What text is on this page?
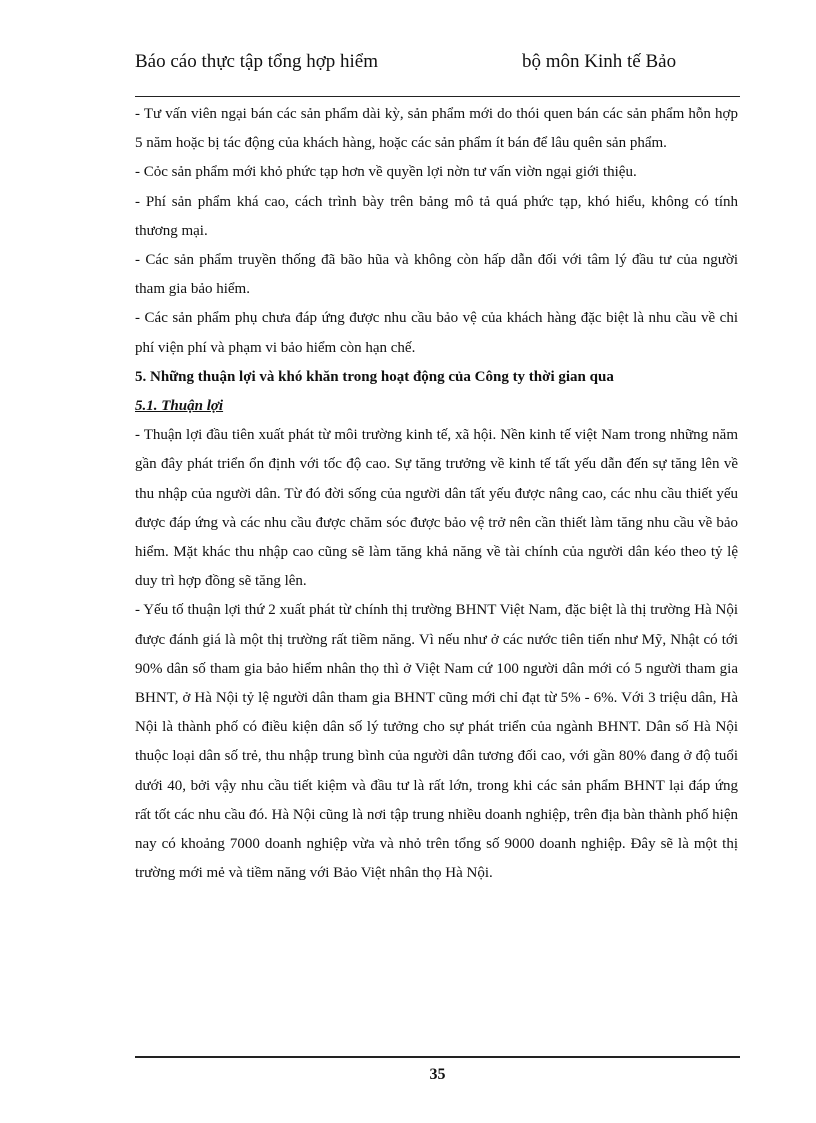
Báo cáo thực tập tổng hợp hiểm	bộ môn Kinh tế Bảo

- Tư vấn viên ngại bán các sản phẩm dài kỳ, sản phẩm mới do thói quen bán các sản phẩm hỗn hợp 5 năm hoặc bị tác động của khách hàng, hoặc các sản phẩm ít bán để lâu quên sản phẩm.

- Cỏc sản phẩm mới khỏ phức tạp hơn về quyền lợi nờn tư vấn viờn ngại giới thiệu.

- Phí sản phẩm khá cao, cách trình bày trên bảng mô tả quá phức tạp, khó hiểu, không có tính thương mại.

- Các sản phẩm truyền thống đã bão hũa và không còn hấp dẫn đối với tâm lý đầu tư của người tham gia bảo hiểm.

- Các sản phẩm phụ chưa đáp ứng được nhu cầu bảo vệ của khách hàng đặc biệt là nhu cầu về chi phí viện phí và phạm vi bảo hiểm còn hạn chế.

5. Những thuận lợi và khó khăn trong hoạt động của Công ty thời gian qua

5.1. Thuận lợi

- Thuận lợi đầu tiên xuất phát từ môi trường kinh tế, xã hội. Nền kinh tế việt Nam trong những năm gần đây phát triển ổn định với tốc độ cao. Sự tăng trưởng về kinh tế tất yếu dẫn đến sự tăng lên về thu nhập của người dân. Từ đó đời sống của người dân tất yếu được nâng cao, các nhu cầu thiết yếu được đáp ứng và các nhu cầu được chăm sóc được bảo vệ trở nên cần thiết làm tăng nhu cầu về bảo hiểm. Mặt khác thu nhập cao cũng sẽ làm tăng khả năng về tài chính của người dân kéo theo tỷ lệ duy trì hợp đồng sẽ tăng lên.

- Yếu tố thuận lợi thứ 2 xuất phát từ chính thị trường BHNT Việt Nam, đặc biệt là thị trường Hà Nội được đánh giá là một thị trường rất tiềm năng. Vì nếu như ở các nước tiên tiến như Mỹ, Nhật có tới 90% dân số tham gia bảo hiểm nhân thọ thì ở Việt Nam cứ 100 người dân mới có 5 người tham gia BHNT, ở Hà Nội tỷ lệ người dân tham gia BHNT cũng mới chỉ đạt từ 5% - 6%. Với 3 triệu dân, Hà Nội là thành phố có điều kiện dân số lý tưởng cho sự phát triển của ngành BHNT. Dân số Hà Nội thuộc loại dân số trẻ, thu nhập trung bình của người dân tương đối cao, với gần 80% đang ở độ tuổi dưới 40, bởi vậy nhu cầu tiết kiệm và đầu tư là rất lớn, trong khi các sản phẩm BHNT lại đáp ứng rất tốt các nhu cầu đó. Hà Nội cũng là nơi tập trung nhiều doanh nghiệp, trên địa bàn thành phố hiện nay có khoảng 7000 doanh nghiệp vừa và nhỏ trên tổng số 9000 doanh nghiệp. Đây sẽ là một thị trường mới mẻ và tiềm năng với Bảo Việt nhân thọ Hà Nội.

35
